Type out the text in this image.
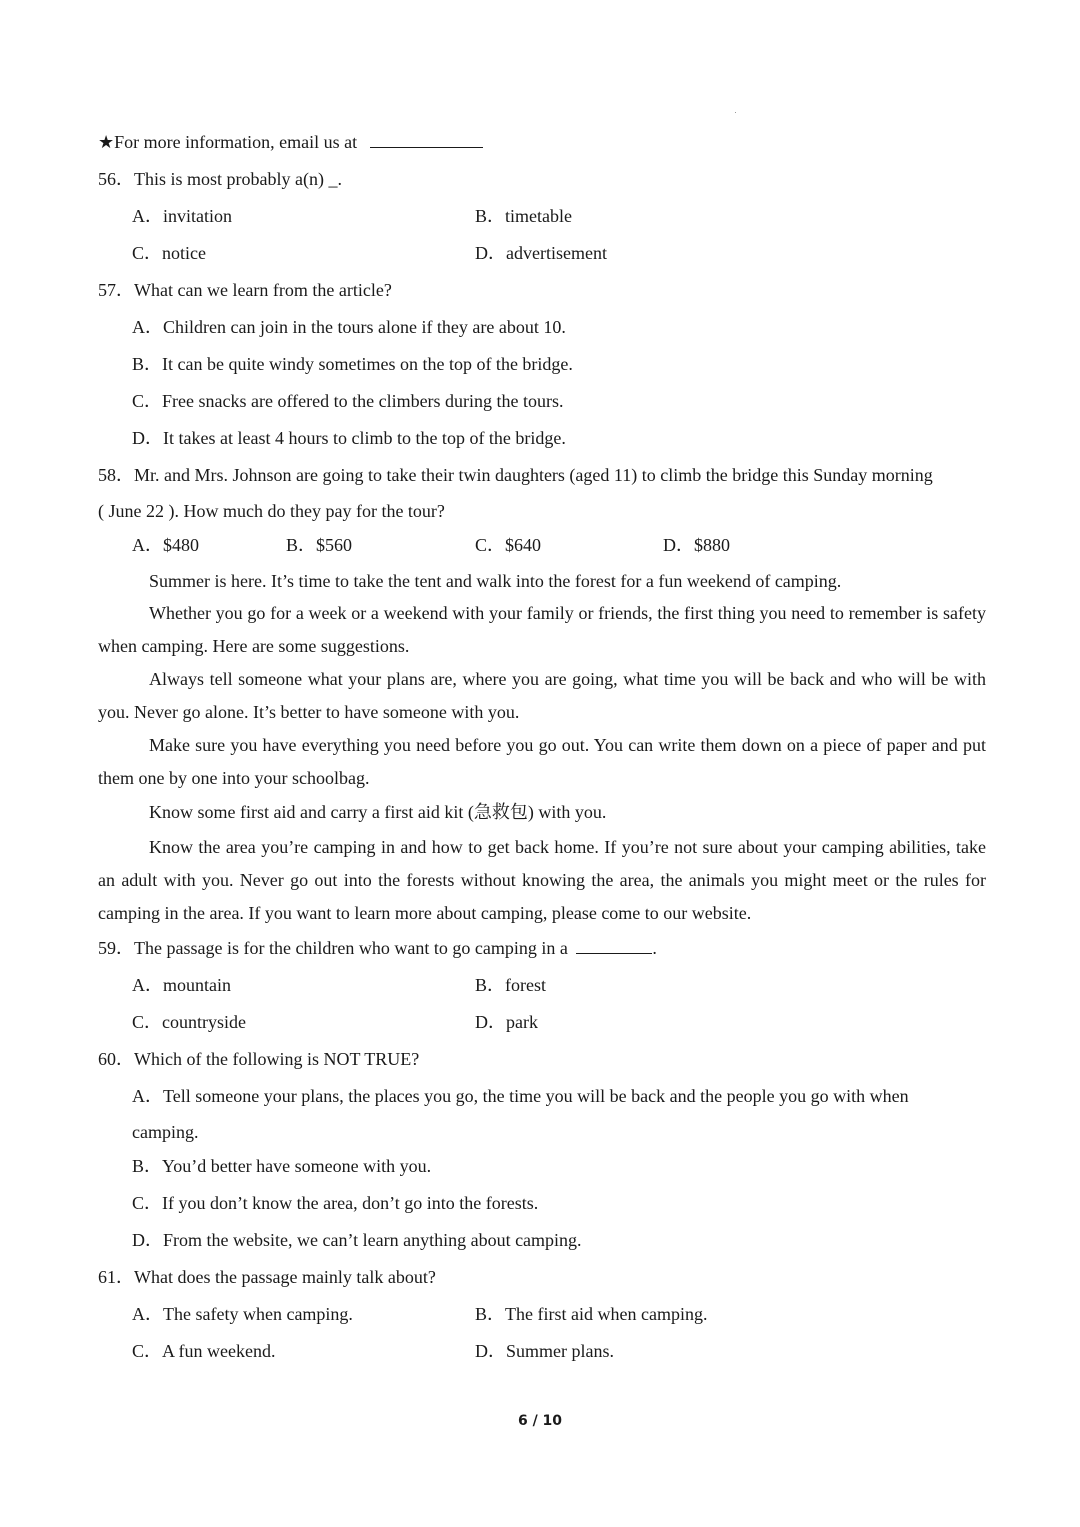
★For more information, email us at
56．This is most probably a(n) _.
A．invitation	B．timetable
C．notice	D．advertisement
57．What can we learn from the article?
A．Children can join in the tours alone if they are about 10.
B．It can be quite windy sometimes on the top of the bridge.
C．Free snacks are offered to the climbers during the tours.
D．It takes at least 4 hours to climb to the top of the bridge.
58．Mr. and Mrs. Johnson are going to take their twin daughters (aged 11) to climb the bridge this Sunday morning
( June 22 ). How much do they pay for the tour?
A．$480	B．$560	C．$640	D．$880
Summer is here. It’s time to take the tent and walk into the forest for a fun weekend of camping.
Whether you go for a week or a weekend with your family or friends, the first thing you need to remember is safety when camping. Here are some suggestions.
Always tell someone what your plans are, where you are going, what time you will be back and who will be with you. Never go alone. It’s better to have someone with you.
Make sure you have everything you need before you go out. You can write them down on a piece of paper and put them one by one into your schoolbag.
Know some first aid and carry a first aid kit (急救包) with you.
Know the area you’re camping in and how to get back home. If you’re not sure about your camping abilities, take an adult with you. Never go out into the forests without knowing the area, the animals you might meet or the rules for camping in the area. If you want to learn more about camping, please come to our website.
59．The passage is for the children who want to go camping in a	.
A．mountain	B．forest
C．countryside	D．park
60．Which of the following is NOT TRUE?
A．Tell someone your plans, the places you go, the time you will be back and the people you go with when
camping.
B．You’d better have someone with you.
C．If you don’t know the area, don’t go into the forests.
D．From the website, we can’t learn anything about camping.
61．What does the passage mainly talk about?
A．The safety when camping.	B．The first aid when camping.
C．A fun weekend.	D．Summer plans.
6 / 10
